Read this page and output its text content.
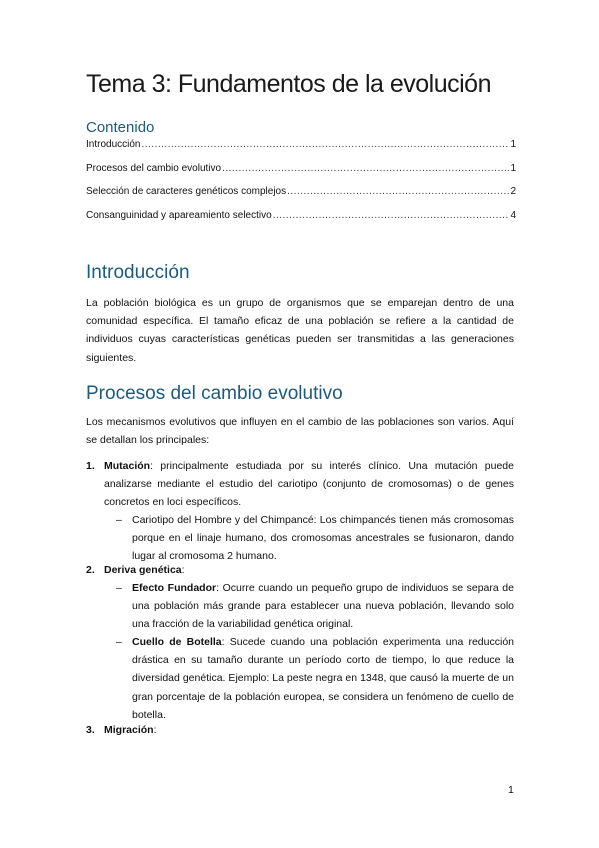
Tema 3: Fundamentos de la evolución
Contenido
Introducción .....	1
Procesos del cambio evolutivo .....	1
Selección de caracteres genéticos complejos .....	2
Consanguinidad y apareamiento selectivo .....	4
Introducción
La población biológica es un grupo de organismos que se emparejan dentro de una comunidad específica. El tamaño eficaz de una población se refiere a la cantidad de individuos cuyas características genéticas pueden ser transmitidas a las generaciones siguientes.
Procesos del cambio evolutivo
Los mecanismos evolutivos que influyen en el cambio de las poblaciones son varios. Aquí se detallan los principales:
1. Mutación: principalmente estudiada por su interés clínico. Una mutación puede analizarse mediante el estudio del cariotipo (conjunto de cromosomas) o de genes concretos en loci específicos.
– Cariotipo del Hombre y del Chimpancé: Los chimpancés tienen más cromosomas porque en el linaje humano, dos cromosomas ancestrales se fusionaron, dando lugar al cromosoma 2 humano.
2. Deriva genética:
– Efecto Fundador: Ocurre cuando un pequeño grupo de individuos se separa de una población más grande para establecer una nueva población, llevando solo una fracción de la variabilidad genética original.
– Cuello de Botella: Sucede cuando una población experimenta una reducción drástica en su tamaño durante un período corto de tiempo, lo que reduce la diversidad genética. Ejemplo: La peste negra en 1348, que causó la muerte de un gran porcentaje de la población europea, se considera un fenómeno de cuello de botella.
3. Migración:
1
